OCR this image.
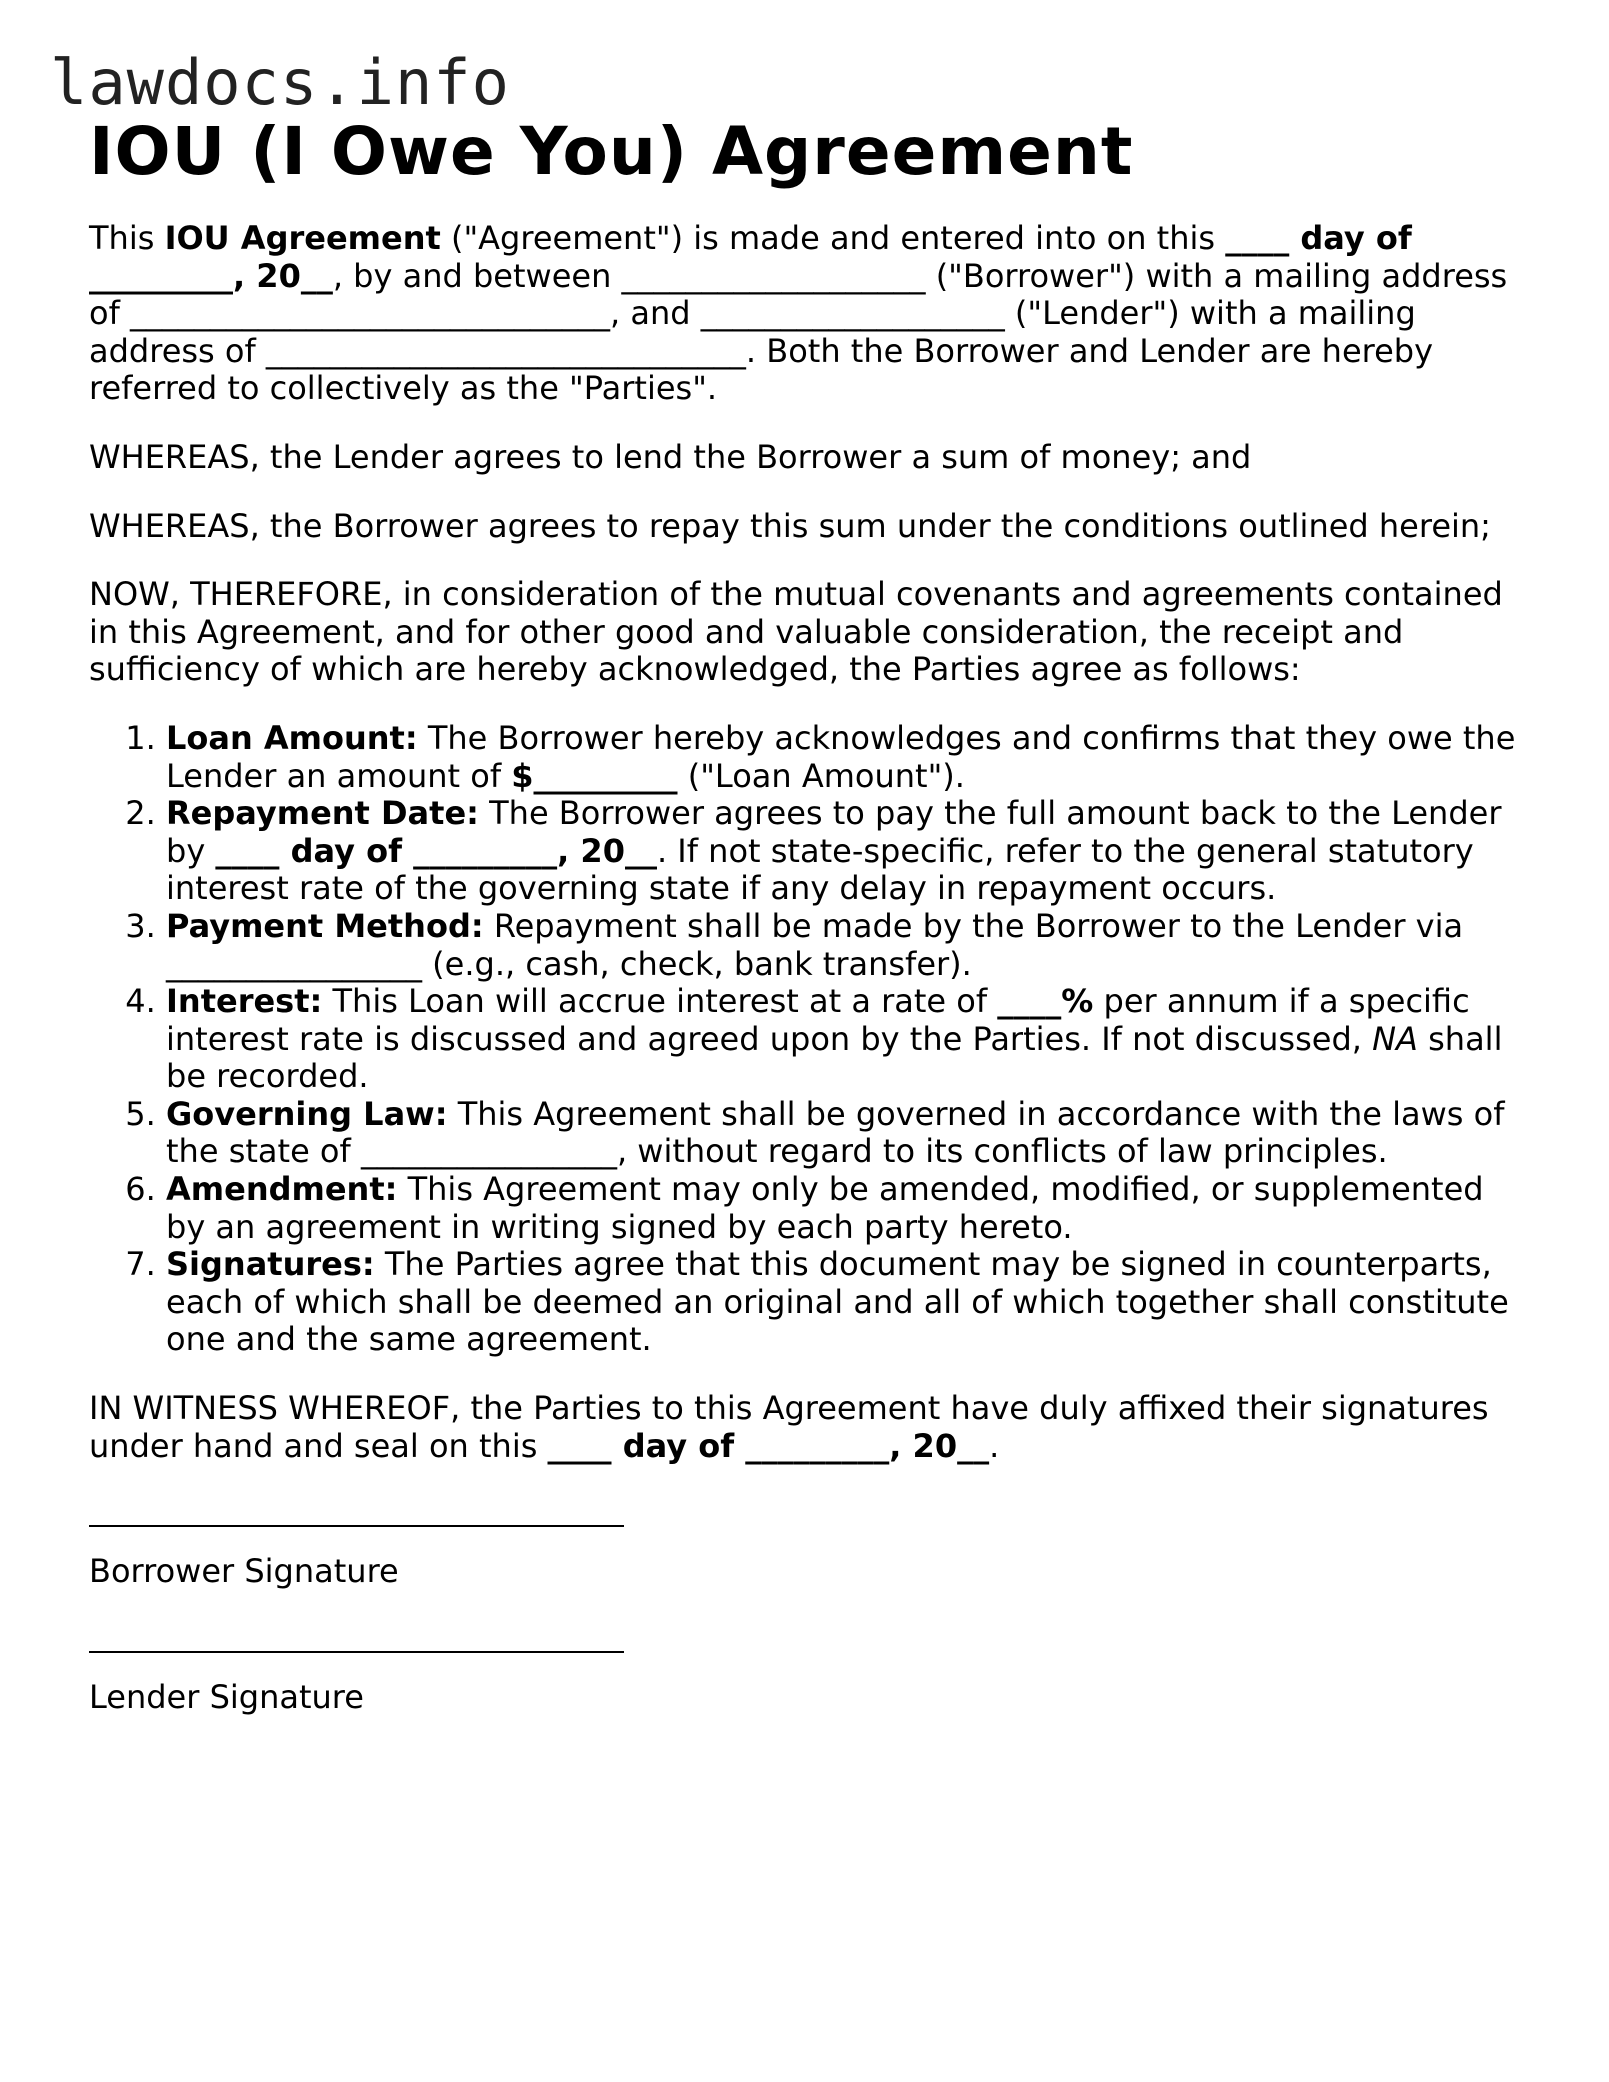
lawdocs.info
IOU (I Owe You) Agreement

This IOU Agreement ("Agreement") is made and entered into on this ____ day of _________, 20__, by and between ___________________ ("Borrower") with a mailing address of ______________________________, and ___________________ ("Lender") with a mailing address of ______________________________. Both the Borrower and Lender are hereby referred to collectively as the "Parties".

WHEREAS, the Lender agrees to lend the Borrower a sum of money; and

WHEREAS, the Borrower agrees to repay this sum under the conditions outlined herein;

NOW, THEREFORE, in consideration of the mutual covenants and agreements contained in this Agreement, and for other good and valuable consideration, the receipt and sufficiency of which are hereby acknowledged, the Parties agree as follows:

1. Loan Amount: The Borrower hereby acknowledges and confirms that they owe the Lender an amount of $_________ ("Loan Amount").
2. Repayment Date: The Borrower agrees to pay the full amount back to the Lender by ____ day of _________, 20__. If not state-specific, refer to the general statutory interest rate of the governing state if any delay in repayment occurs.
3. Payment Method: Repayment shall be made by the Borrower to the Lender via ________________ (e.g., cash, check, bank transfer).
4. Interest: This Loan will accrue interest at a rate of ____% per annum if a specific interest rate is discussed and agreed upon by the Parties. If not discussed, NA shall be recorded.
5. Governing Law: This Agreement shall be governed in accordance with the laws of the state of ________________, without regard to its conflicts of law principles.
6. Amendment: This Agreement may only be amended, modified, or supplemented by an agreement in writing signed by each party hereto.
7. Signatures: The Parties agree that this document may be signed in counterparts, each of which shall be deemed an original and all of which together shall constitute one and the same agreement.

IN WITNESS WHEREOF, the Parties to this Agreement have duly affixed their signatures under hand and seal on this ____ day of _________, 20__.

Borrower Signature

Lender Signature
